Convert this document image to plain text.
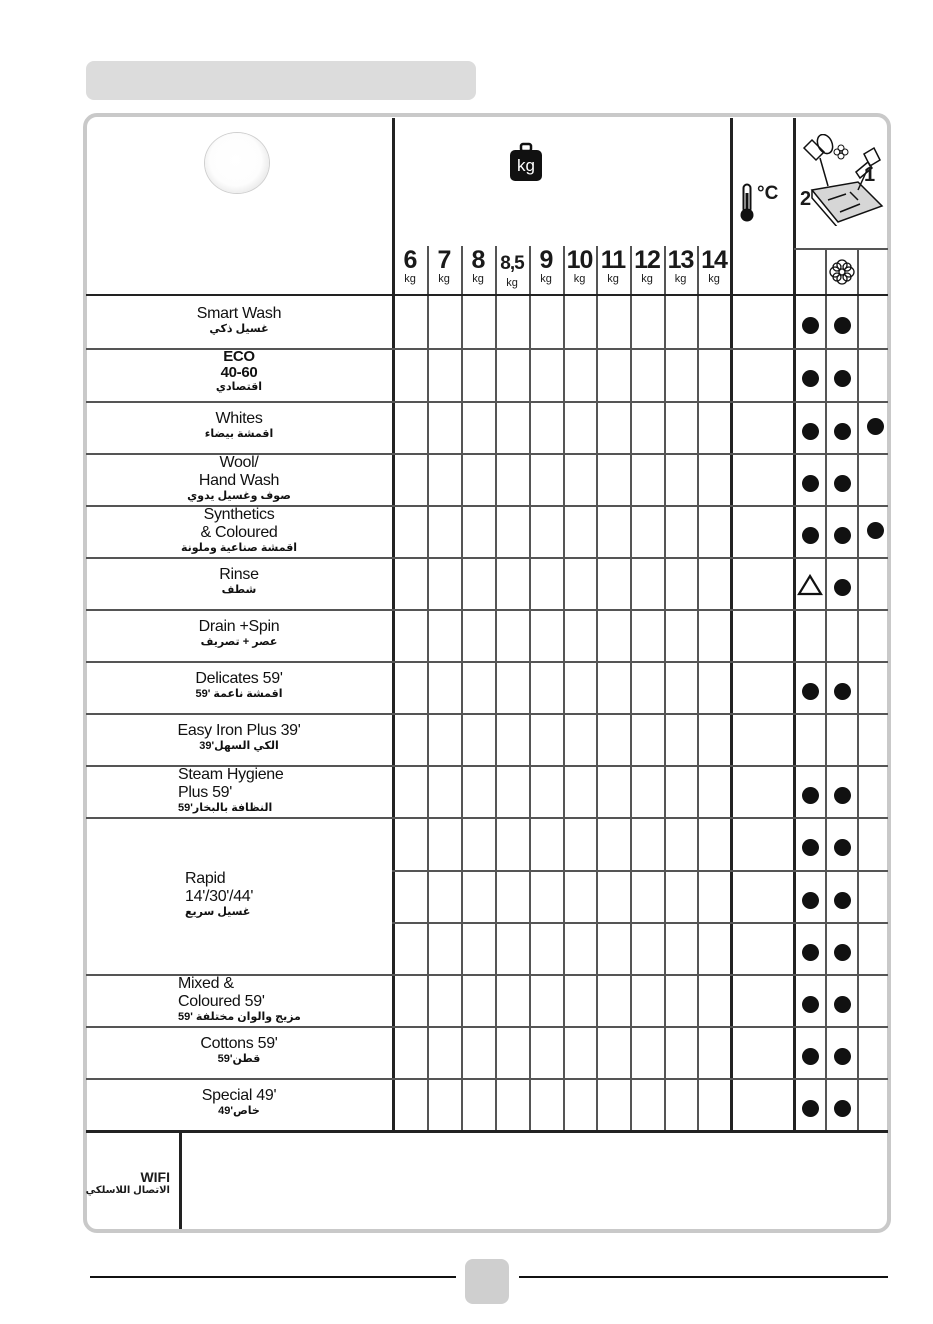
kg
°C
1
2
6
kg
7
kg
8
kg
8,5
kg
9
kg
10
kg
11
kg
12
kg
13
kg
14
kg
Smart Wash
غسيل ذكي
ECO
40-60
اقتصادي
Whites
اقمشة بيضاء
Wool/
Hand Wash
صوف وغسيل يدوي
Synthetics
& Coloured
اقمشة صناعية وملونة
Rinse
شطف
Drain +Spin
عصر + تصريف
Delicates 59'
59' اقمشة ناعمة
Easy Iron Plus 39'
39'الكي السهل
Steam Hygiene
Plus 59'
59'النظافة بالبخار
Rapid
14'/30'/44'
غسيل سريع
Mixed &
Coloured 59'
59' مزيج والوان مختلفة
Cottons 59'
59'قطن
Special 49'
49'خاص
WIFI
الاتصال اللاسلكي
